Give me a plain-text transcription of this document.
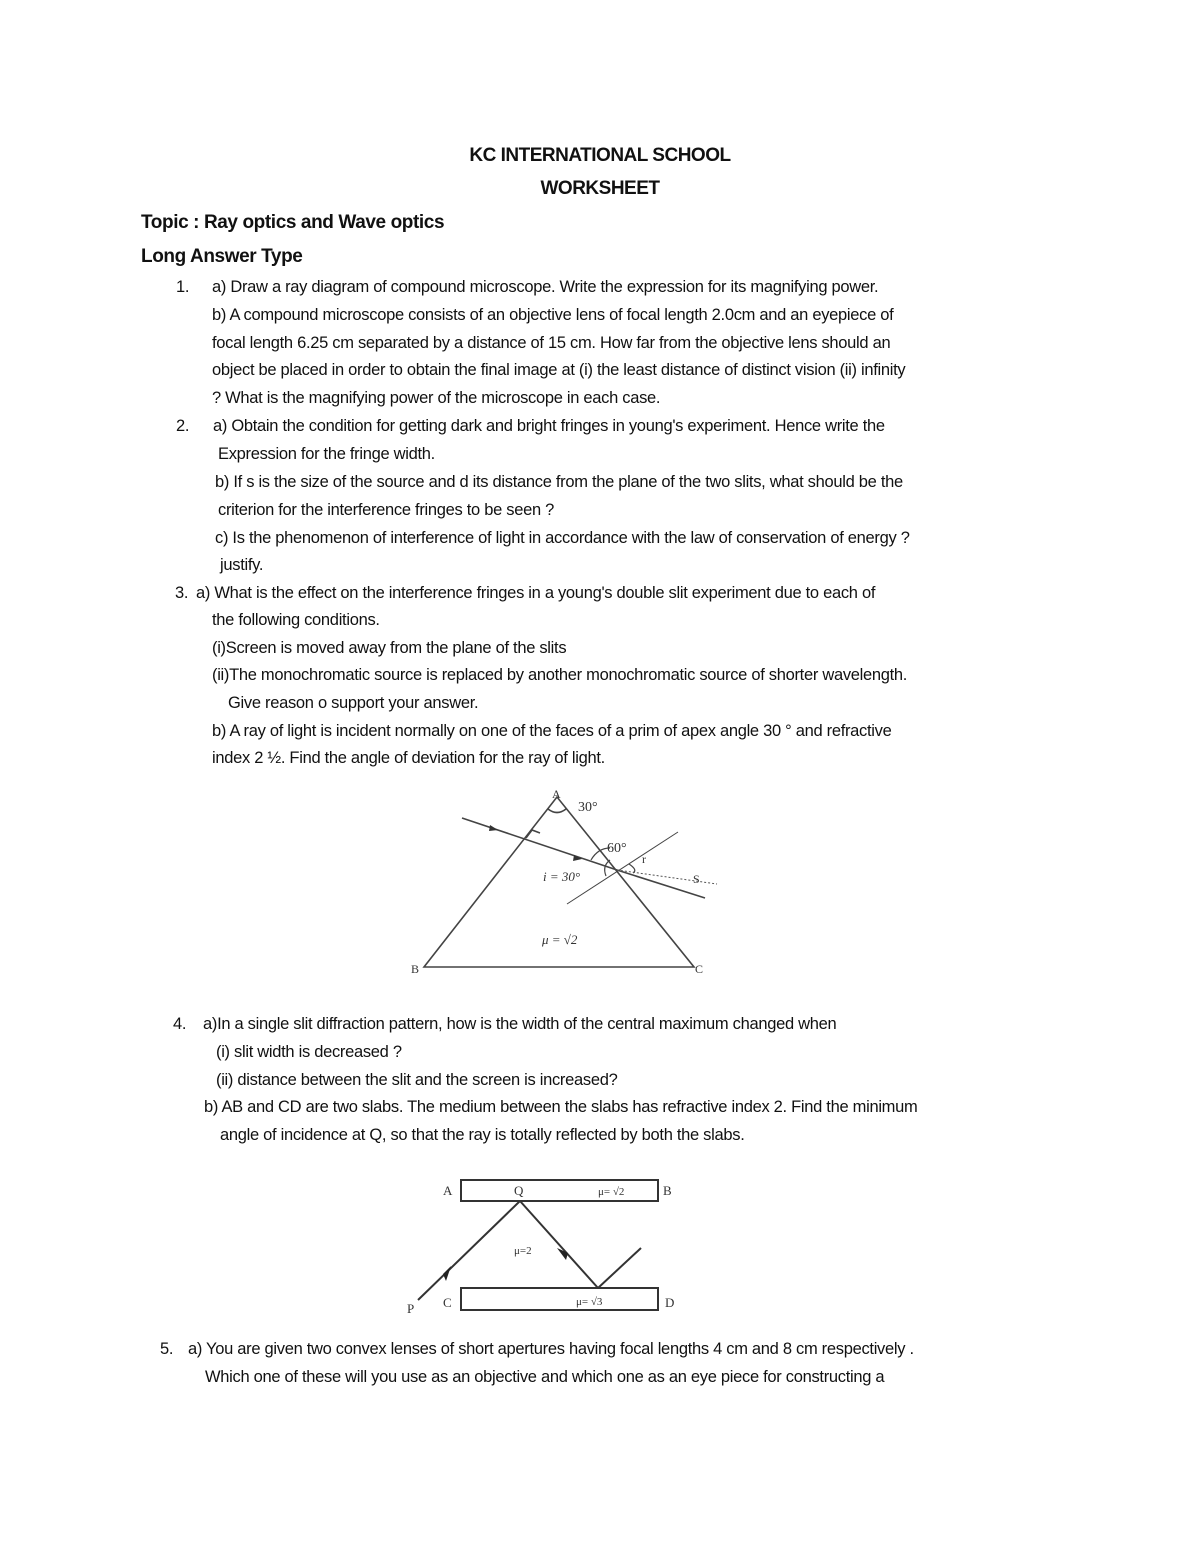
KC INTERNATIONAL SCHOOL
WORKSHEET
Topic : Ray optics and Wave optics
Long Answer Type
1. a) Draw a ray diagram of compound microscope. Write the expression for its magnifying power.
b) A compound microscope consists of an objective lens of focal length 2.0cm and an eyepiece of
focal length 6.25 cm separated by a distance of 15 cm. How far from the objective lens should an
object be placed in order to obtain the final image at (i) the least distance of distinct vision (ii) infinity
? What is the magnifying power of the microscope in each case.
2. a) Obtain the condition for getting dark and bright fringes in young's experiment. Hence write the
Expression for the fringe width.
b) If s is the size of the source and d its distance from the plane of the two slits, what should be the
criterion for the interference fringes to be seen ?
c) Is the phenomenon of interference of light in accordance with the law of conservation of energy ?
justify.
3. a) What is the effect on the interference fringes in a young's double slit experiment due to each of
the following conditions.
(i)Screen is moved away from the plane of the slits
(ii)The monochromatic source is replaced by another monochromatic source of shorter wavelength.
Give reason o support your answer.
b) A ray of light is incident normally on one of the faces of a prim of apex angle 30 ° and refractive
index 2 ½. Find the angle of deviation for the ray of light.
A
30°
60°
i = 30°
r
S
μ = √2
B	C
4. a)In a single slit diffraction pattern, how is the width of the central maximum changed when
(i) slit width is decreased ?
(ii) distance between the slit and the screen is increased?
b) AB and CD are two slabs. The medium between the slabs has refractive index 2. Find the minimum
angle of incidence at Q, so that the ray is totally reflected by both the slabs.
A	Q	μ= √2	B
μ=2
P C	μ= √3	D
5. a) You are given two convex lenses of short apertures having focal lengths 4 cm and 8 cm respectively .
Which one of these will you use as an objective and which one as an eye piece for constructing a
